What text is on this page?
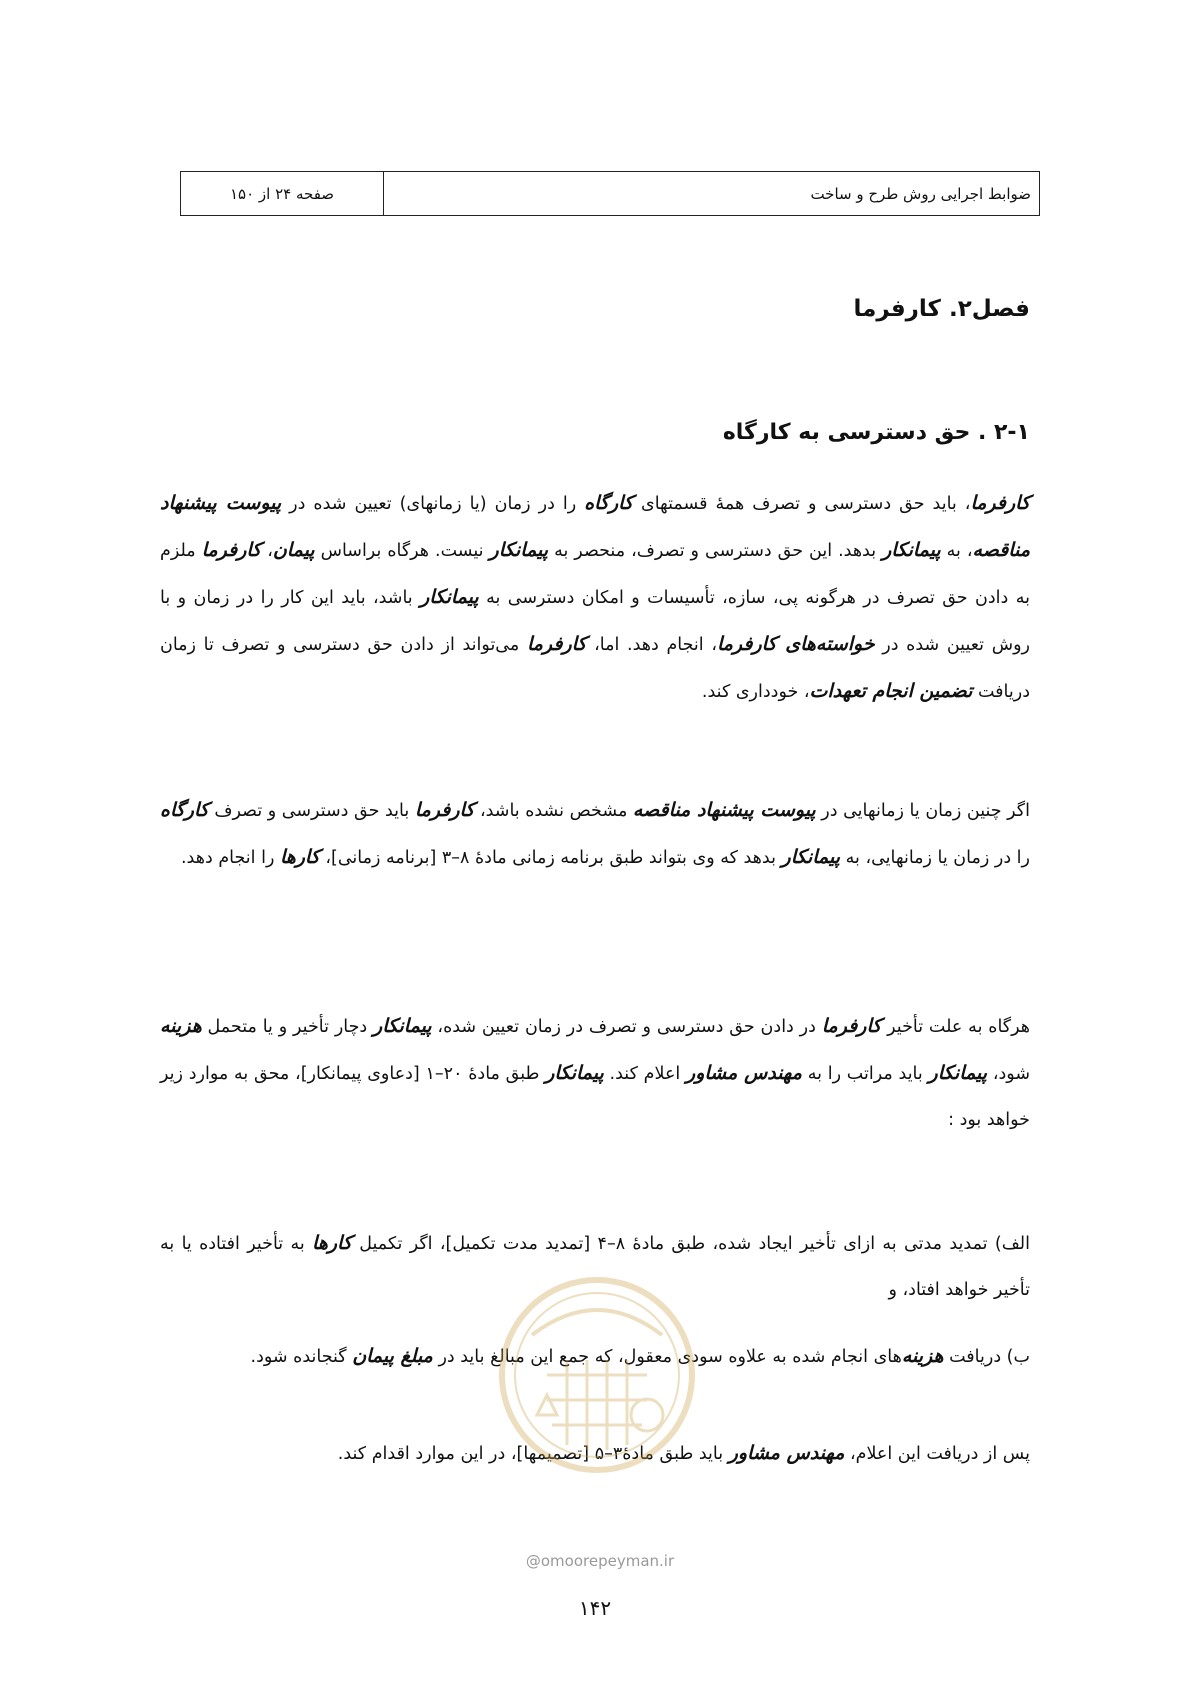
صفحه ۲۴ از ۱۵۰	ضوابط اجرایی روش طرح و ساخت
فصل۲. کارفرما
۲-۱ . حق دسترسی به کارگاه
کارفرما، باید حق دسترسی و تصرف همهٔ قسمتهای کارگاه را در زمان (یا زمانهای) تعیین شده در پیوست پیشنهاد مناقصه، به پیمانکار بدهد. این حق دسترسی و تصرف، منحصر به پیمانکار نیست. هرگاه براساس پیمان، کارفرما ملزم به دادن حق تصرف در هرگونه پی، سازه، تأسیسات و امکان دسترسی به پیمانکار باشد، باید این کار را در زمان و با روش تعیین شده در خواسته‌های کارفرما، انجام دهد. اما، کارفرما می‌تواند از دادن حق دسترسی و تصرف تا زمان دریافت تضمین انجام تعهدات، خودداری کند.
اگر چنین زمان یا زمانهایی در پیوست پیشنهاد مناقصه مشخص نشده باشد، کارفرما باید حق دسترسی و تصرف کارگاه را در زمان یا زمانهایی، به پیمانکار بدهد که وی بتواند طبق برنامه زمانی مادهٔ ۸–۳ [برنامه زمانی]، کارها را انجام دهد.
هرگاه به علت تأخیر کارفرما در دادن حق دسترسی و تصرف در زمان تعیین شده، پیمانکار دچار تأخیر و یا متحمل هزینه شود، پیمانکار باید مراتب را به مهندس مشاور اعلام کند. پیمانکار طبق مادهٔ ۲۰–۱ [دعاوی پیمانکار]، محق به موارد زیر خواهد بود :
الف) تمدید مدتی به ازای تأخیر ایجاد شده، طبق مادهٔ ۸–۴ [تمدید مدت تکمیل]، اگر تکمیل کارها به تأخیر افتاده یا به تأخیر خواهد افتاد، و
ب) دریافت هزینه‌های انجام شده به علاوه سودی معقول، که جمع این مبالغ باید در مبلغ پیمان گنجانده شود.
پس از دریافت این اعلام، مهندس مشاور باید طبق مادهٔ۳–۵ [تصمیمها]، در این موارد اقدام کند.
@omoorepeyman.ir
۱۴۲
